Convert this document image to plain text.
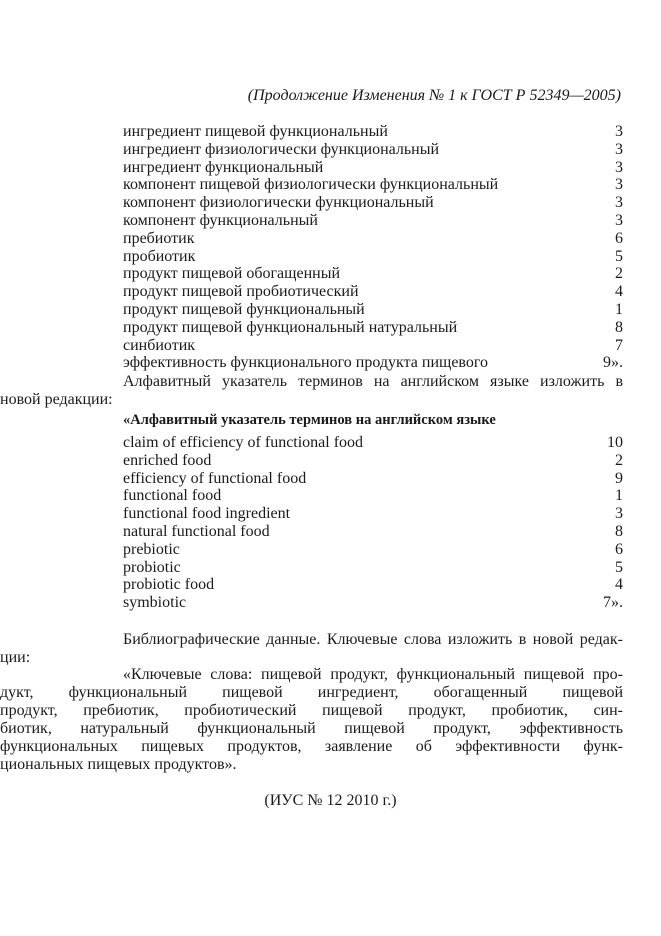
(Продолжение Изменения № 1 к ГОСТ Р 52349—2005)
ингредиент пищевой функциональный	3
ингредиент физиологически функциональный	3
ингредиент функциональный	3
компонент пищевой физиологически функциональный	3
компонент физиологически функциональный	3
компонент функциональный	3
пребиотик	6
пробиотик	5
продукт пищевой обогащенный	2
продукт пищевой пробиотический	4
продукт пищевой функциональный	1
продукт пищевой функциональный натуральный	8
синбиотик	7
эффективность функционального продукта пищевого	9».
Алфавитный указатель терминов на английском языке изложить в
новой редакции:
«Алфавитный указатель терминов на английском языке
claim of efficiency of functional food	10
enriched food	2
efficiency of functional food	9
functional food	1
functional food ingredient	3
natural functional food	8
prebiotic	6
probiotic	5
probiotic food	4
symbiotic	7».
Библиографические данные. Ключевые слова изложить в новой редак-
ции:
«Ключевые слова: пищевой продукт, функциональный пищевой про-
дукт, функциональный пищевой ингредиент, обогащенный пищевой
продукт, пребиотик, пробиотический пищевой продукт, пробиотик, син-
биотик, натуральный функциональный пищевой продукт, эффективность
функциональных пищевых продуктов, заявление об эффективности функ-
циональных пищевых продуктов».
(ИУС № 12 2010 г.)
